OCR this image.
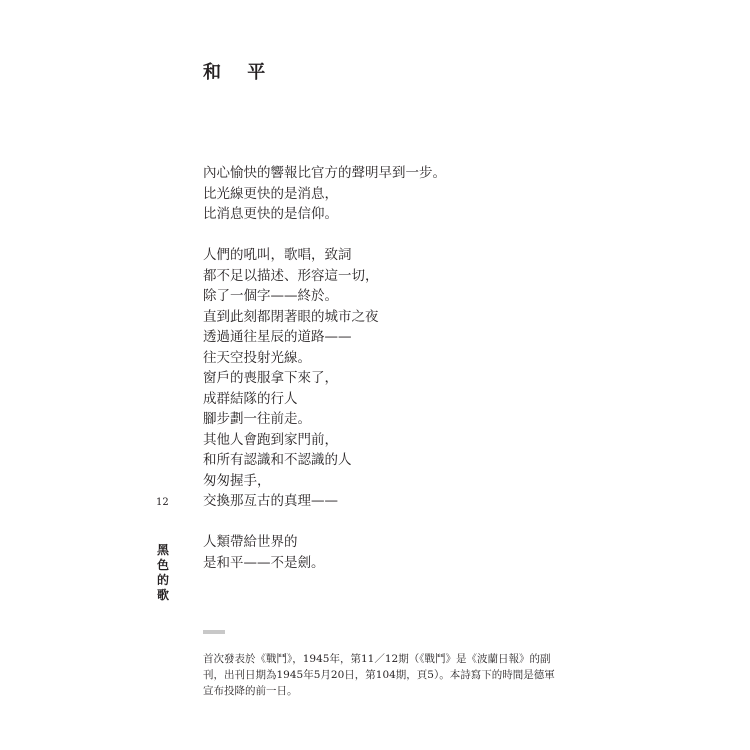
和 平
內心愉快的響報比官方的聲明早到一步。
比光線更快的是消息，
比消息更快的是信仰。
人們的吼叫，歌唱，致詞
都不足以描述、形容這一切，
除了一個字——終於。
直到此刻都閉著眼的城市之夜
透過通往星辰的道路——
往天空投射光線。
窗戶的喪服拿下來了，
成群結隊的行人
腳步劃一往前走。
其他人會跑到家門前，
和所有認識和不認識的人
匆匆握手，
交換那亙古的真理——
人類帶給世界的
是和平——不是劍。
12
黑
色
的
歌
首次發表於《戰鬥》，1945年，第11／12期（《戰鬥》是《波蘭日報》的副刊，出刊日期為1945年5月20日，第104期，頁5）。本詩寫下的時間是德軍宣布投降的前一日。
